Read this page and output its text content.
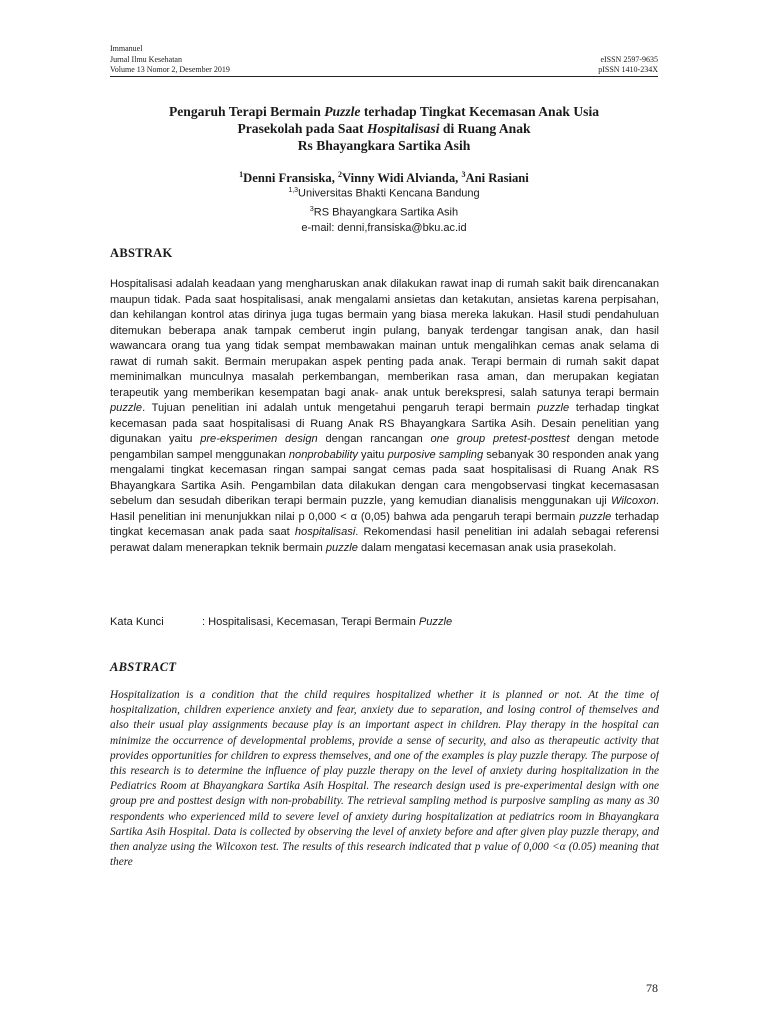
Immanuel
Jurnal Ilmu Kesehatan	eISSN 2597-9635
Volume 13 Nomor 2, Desember 2019	pISSN 1410-234X
Pengaruh Terapi Bermain Puzzle terhadap Tingkat Kecemasan Anak Usia
Prasekolah pada Saat Hospitalisasi di Ruang Anak
Rs Bhayangkara Sartika Asih
$^1$Denni Fransiska, $^2$Vinny Widi Alvianda, $^3$Ani Rasiani
$^{1,3}$Universitas Bhakti Kencana Bandung
$^3$RS Bhayangkara Sartika Asih
e-mail: denni,fransiska@bku.ac.id
ABSTRAK
Hospitalisasi adalah keadaan yang mengharuskan anak dilakukan rawat inap di rumah sakit baik direncanakan maupun tidak. Pada saat hospitalisasi, anak mengalami ansietas dan ketakutan, ansietas karena perpisahan, dan kehilangan kontrol atas dirinya juga tugas bermain yang biasa mereka lakukan. Hasil studi pendahuluan ditemukan beberapa anak tampak cemberut ingin pulang, banyak terdengar tangisan anak, dan hasil wawancara orang tua yang tidak sempat membawakan mainan untuk mengalihkan cemas anak selama di rawat di rumah sakit. Bermain merupakan aspek penting pada anak. Terapi bermain di rumah sakit dapat meminimalkan munculnya masalah perkembangan, memberikan rasa aman, dan merupakan kegiatan terapeutik yang memberikan kesempatan bagi anak- anak untuk berekspresi, salah satunya terapi bermain puzzle. Tujuan penelitian ini adalah untuk mengetahui pengaruh terapi bermain puzzle terhadap tingkat kecemasan pada saat hospitalisasi di Ruang Anak RS Bhayangkara Sartika Asih. Desain penelitian yang digunakan yaitu pre-eksperimen design dengan rancangan one group pretest-posttest dengan metode pengambilan sampel menggunakan nonprobability yaitu purposive sampling sebanyak 30 responden anak yang mengalami tingkat kecemasan ringan sampai sangat cemas pada saat hospitalisasi di Ruang Anak RS Bhayangkara Sartika Asih. Pengambilan data dilakukan dengan cara mengobservasi tingkat kecemasasan sebelum dan sesudah diberikan terapi bermain puzzle, yang kemudian dianalisis menggunakan uji Wilcoxon. Hasil penelitian ini menunjukkan nilai p 0,000 < α (0,05) bahwa ada pengaruh terapi bermain puzzle terhadap tingkat kecemasan anak pada saat hospitalisasi. Rekomendasi hasil penelitian ini adalah sebagai referensi perawat dalam menerapkan teknik bermain puzzle dalam mengatasi kecemasan anak usia prasekolah.
Kata Kunci	: Hospitalisasi, Kecemasan, Terapi Bermain Puzzle
ABSTRACT
Hospitalization is a condition that the child requires hospitalized whether it is planned or not. At the time of hospitalization, children experience anxiety and fear, anxiety due to separation, and losing control of themselves and also their usual play assignments because play is an important aspect in children. Play therapy in the hospital can minimize the occurrence of developmental problems, provide a sense of security, and also as therapeutic activity that provides opportunities for children to express themselves, and one of the examples is play puzzle therapy. The purpose of this research is to determine the influence of play puzzle therapy on the level of anxiety during hospitalization in the Pediatrics Room at Bhayangkara Sartika Asih Hospital. The research design used is pre-experimental design with one group pre and posttest design with non-probability. The retrieval sampling method is purposive sampling as many as 30 respondents who experienced mild to severe level of anxiety during hospitalization at pediatrics room in Bhayangkara Sartika Asih Hospital. Data is collected by observing the level of anxiety before and after given play puzzle therapy, and then analyze using the Wilcoxon test. The results of this research indicated that p value of 0,000 <α (0.05) meaning that there
78
